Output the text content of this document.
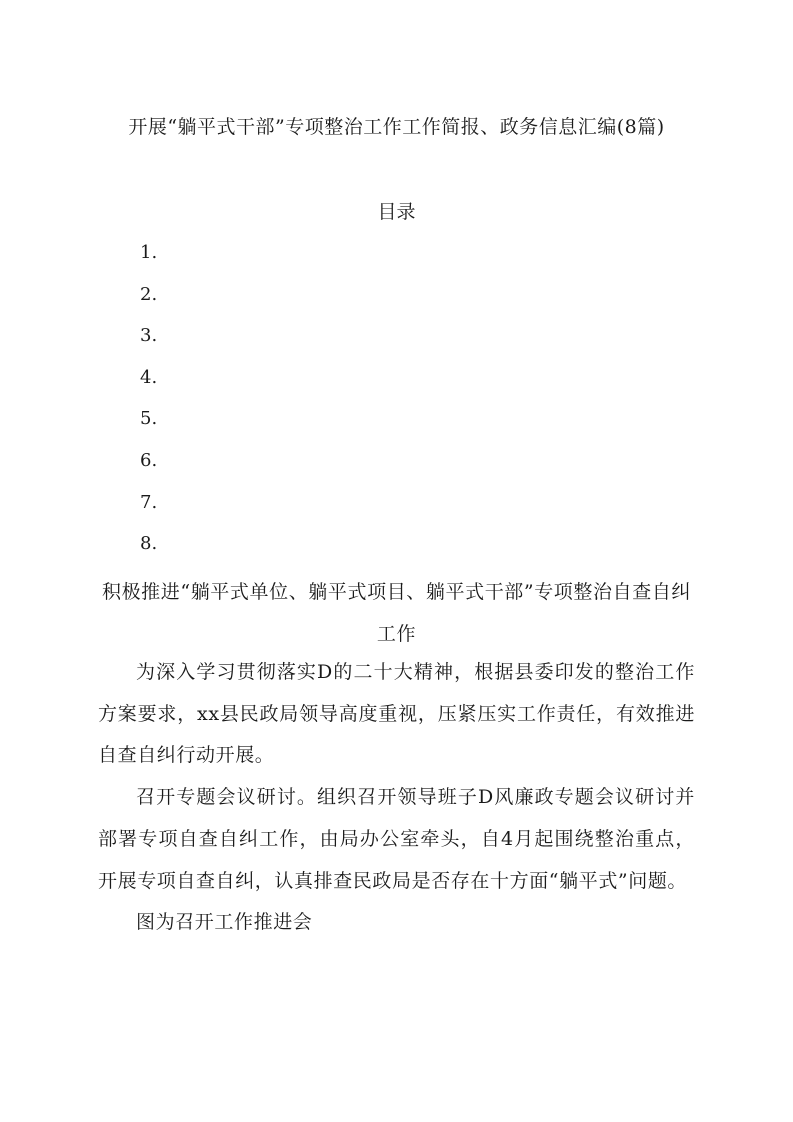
开展“躺平式干部”专项整治工作工作简报、政务信息汇编(8篇)
目录
1.
2.
3.
4.
5.
6.
7.
8.
积极推进“躺平式单位、躺平式项目、躺平式干部”专项整治自查自纠工作

为深入学习贯彻落实D的二十大精神，根据县委印发的整治工作方案要求，xx县民政局领导高度重视，压紧压实工作责任，有效推进自查自纠行动开展。

召开专题会议研讨。组织召开领导班子D风廉政专题会议研讨并部署专项自查自纠工作，由局办公室牵头，自4月起围绕整治重点，开展专项自查自纠，认真排查民政局是否存在十方面“躺平式”问题。

图为召开工作推进会
